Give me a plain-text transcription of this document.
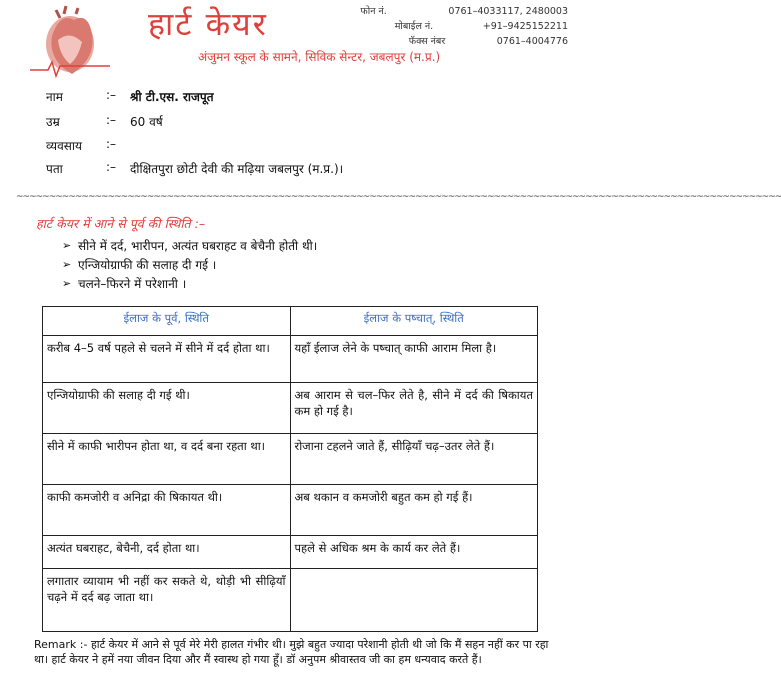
हार्ट केयर
अंजुमन स्कूल के सामने, सिविक सेन्टर, जबलपुर (म.प्र.)
फोन नं.	0761–4033117, 2480003
मोबाईल नं.	+91–9425152211
फॅक्स नंबर	0761–4004776
नाम	:–	श्री टी.एस. राजपूत
उम्र	:–	60 वर्ष
व्यवसाय	:–
पता	:–	दीक्षितपुरा छोटी देवी की मढ़िया जबलपुर (म.प्र.)।
~~~~~~~~~~~~~~~~~~~~~~~~~~~~~~~~~~~~~~~~~~~~~~~~~~~~~~~~~~~~~~~~~~~~~~~~~~~~~~~~~~~~~~~~~~~~~~~~~~~~~~~~~~~~~~~~~~~~~
हार्ट केयर में आने से पूर्व की स्थिति :–
➢ सीने में दर्द, भारीपन, अत्यंत घबराहट व बेचैनी होती थी।
➢ एन्जियोग्राफी की सलाह दी गई ।
➢ चलने–फिरने में परेशानी ।
ईलाज के पूर्व, स्थिति	ईलाज के पष्चात्, स्थिति
करीब 4–5 वर्ष पहले से चलने में सीने में दर्द होता था।	यहाँ ईलाज लेने के पष्चात् काफी आराम मिला है।
एन्जियोग्राफी की सलाह दी गई थी।	अब आराम से चल–फिर लेते है, सीने में दर्द की षिकायत कम हो गई है।
सीने में काफी भारीपन होता था, व दर्द बना रहता था।	रोजाना टहलने जाते हैं, सीढ़ियाँ चढ़–उतर लेते हैं।
काफी कमजोरी व अनिद्रा की षिकायत थी।	अब थकान व कमजोरी बहुत कम हो गई हैं।
अत्यंत घबराहट, बेचैनी, दर्द होता था।	पहले से अधिक श्रम के कार्य कर लेते हैं।
लगातार व्यायाम भी नहीं कर सकते थे, थोड़ी भी सीढ़ियाँ चढ़ने में दर्द बढ़ जाता था।	
Remark :- हार्ट केयर में आने से पूर्व मेरे मेरी हालत गंभीर थी। मुझे बहुत ज्यादा परेशानी होती थी जो कि मैं सहन नहीं कर पा रहा था। हार्ट केयर ने हमें नया जीवन दिया और मैं स्वास्थ हो गया हूँ। डॉ अनुपम श्रीवास्तव जी का हम धन्यवाद करते हैं।
